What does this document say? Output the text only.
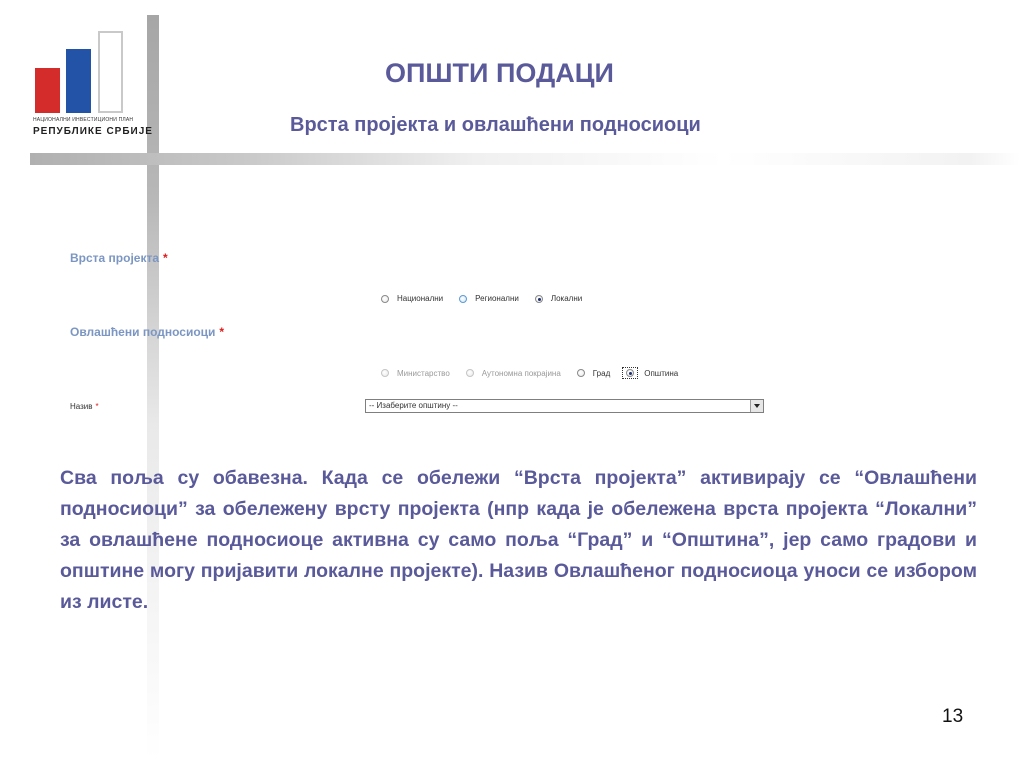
НАЦИОНАЛНИ ИНВЕСТИЦИОНИ ПЛАН
РЕПУБЛИКЕ СРБИЈЕ
ОПШТИ ПОДАЦИ
Врста пројекта и овлашћени подносиоци
Врста пројекта *
Национални	Регионални	Локални
Овлашћени подносиоци *
Министарство	Аутономна покрајина	Град	Општина
Назив *	-- Изаберите општину --
Сва поља су обавезна. Када се обележи “Врста пројекта” активирају се “Овлашћени подносиоци” за обележену врсту пројекта (нпр када је обележена врста пројекта “Локални” за овлашћене подносиоце активна су само поља “Град” и “Општина”, јер само градови и општине могу пријавити локалне пројекте). Назив Овлашћеног подносиоца уноси се избором из листе.
13
